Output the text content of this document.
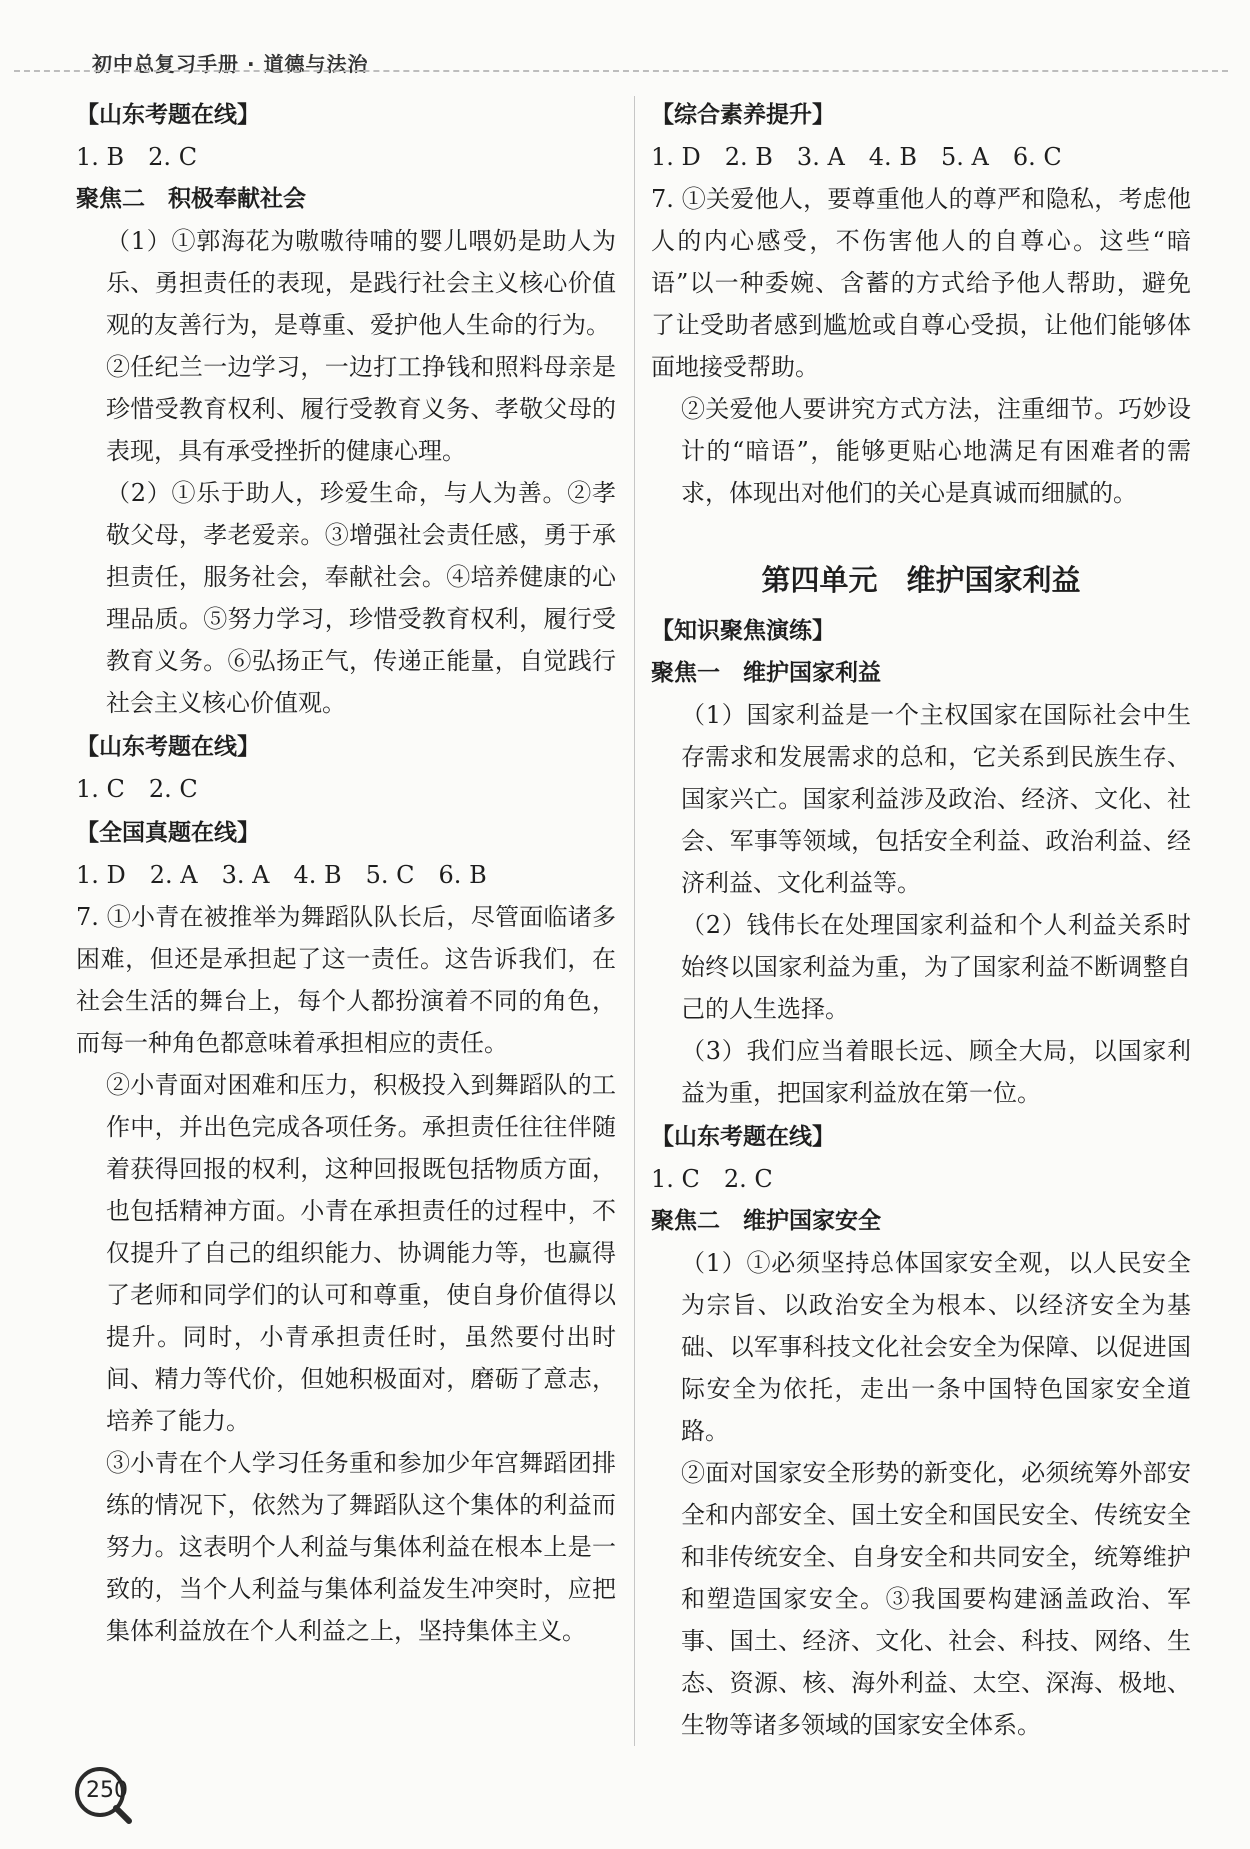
初中总复习手册 · 道德与法治
【山东考题在线】

1. B　2. C

聚焦二　积极奉献社会

（1）①郭海花为嗷嗷待哺的婴儿喂奶是助人为乐、勇担责任的表现，是践行社会主义核心价值观的友善行为，是尊重、爱护他人生命的行为。

②任纪兰一边学习，一边打工挣钱和照料母亲是珍惜受教育权利、履行受教育义务、孝敬父母的表现，具有承受挫折的健康心理。

（2）①乐于助人，珍爱生命，与人为善。②孝敬父母，孝老爱亲。③增强社会责任感，勇于承担责任，服务社会，奉献社会。④培养健康的心理品质。⑤努力学习，珍惜受教育权利，履行受教育义务。⑥弘扬正气，传递正能量，自觉践行社会主义核心价值观。

【山东考题在线】

1. C　2. C

【全国真题在线】

1. D　2. A　3. A　4. B　5. C　6. B

7. ①小青在被推举为舞蹈队队长后，尽管面临诸多困难，但还是承担起了这一责任。这告诉我们，在社会生活的舞台上，每个人都扮演着不同的角色，而每一种角色都意味着承担相应的责任。

②小青面对困难和压力，积极投入到舞蹈队的工作中，并出色完成各项任务。承担责任往往伴随着获得回报的权利，这种回报既包括物质方面，也包括精神方面。小青在承担责任的过程中，不仅提升了自己的组织能力、协调能力等，也赢得了老师和同学们的认可和尊重，使自身价值得以提升。同时，小青承担责任时，虽然要付出时间、精力等代价，但她积极面对，磨砺了意志，培养了能力。

③小青在个人学习任务重和参加少年宫舞蹈团排练的情况下，依然为了舞蹈队这个集体的利益而努力。这表明个人利益与集体利益在根本上是一致的，当个人利益与集体利益发生冲突时，应把集体利益放在个人利益之上，坚持集体主义。

【综合素养提升】

1. D　2. B　3. A　4. B　5. A　6. C

7. ①关爱他人，要尊重他人的尊严和隐私，考虑他人的内心感受，不伤害他人的自尊心。这些“暗语”以一种委婉、含蓄的方式给予他人帮助，避免了让受助者感到尴尬或自尊心受损，让他们能够体面地接受帮助。

②关爱他人要讲究方式方法，注重细节。巧妙设计的“暗语”，能够更贴心地满足有困难者的需求，体现出对他们的关心是真诚而细腻的。

第四单元　维护国家利益
【知识聚焦演练】
聚焦一　维护国家利益

（1）国家利益是一个主权国家在国际社会中生存需求和发展需求的总和，它关系到民族生存、国家兴亡。国家利益涉及政治、经济、文化、社会、军事等领域，包括安全利益、政治利益、经济利益、文化利益等。

（2）钱伟长在处理国家利益和个人利益关系时始终以国家利益为重，为了国家利益不断调整自己的人生选择。

（3）我们应当着眼长远、顾全大局，以国家利益为重，把国家利益放在第一位。

【山东考题在线】

1. C　2. C

聚焦二　维护国家安全

（1）①必须坚持总体国家安全观，以人民安全为宗旨、以政治安全为根本、以经济安全为基础、以军事科技文化社会安全为保障、以促进国际安全为依托，走出一条中国特色国家安全道路。

②面对国家安全形势的新变化，必须统筹外部安全和内部安全、国土安全和国民安全、传统安全和非传统安全、自身安全和共同安全，统筹维护和塑造国家安全。③我国要构建涵盖政治、军事、国土、经济、文化、社会、科技、网络、生态、资源、核、海外利益、太空、深海、极地、生物等诸多领域的国家安全体系。

250
